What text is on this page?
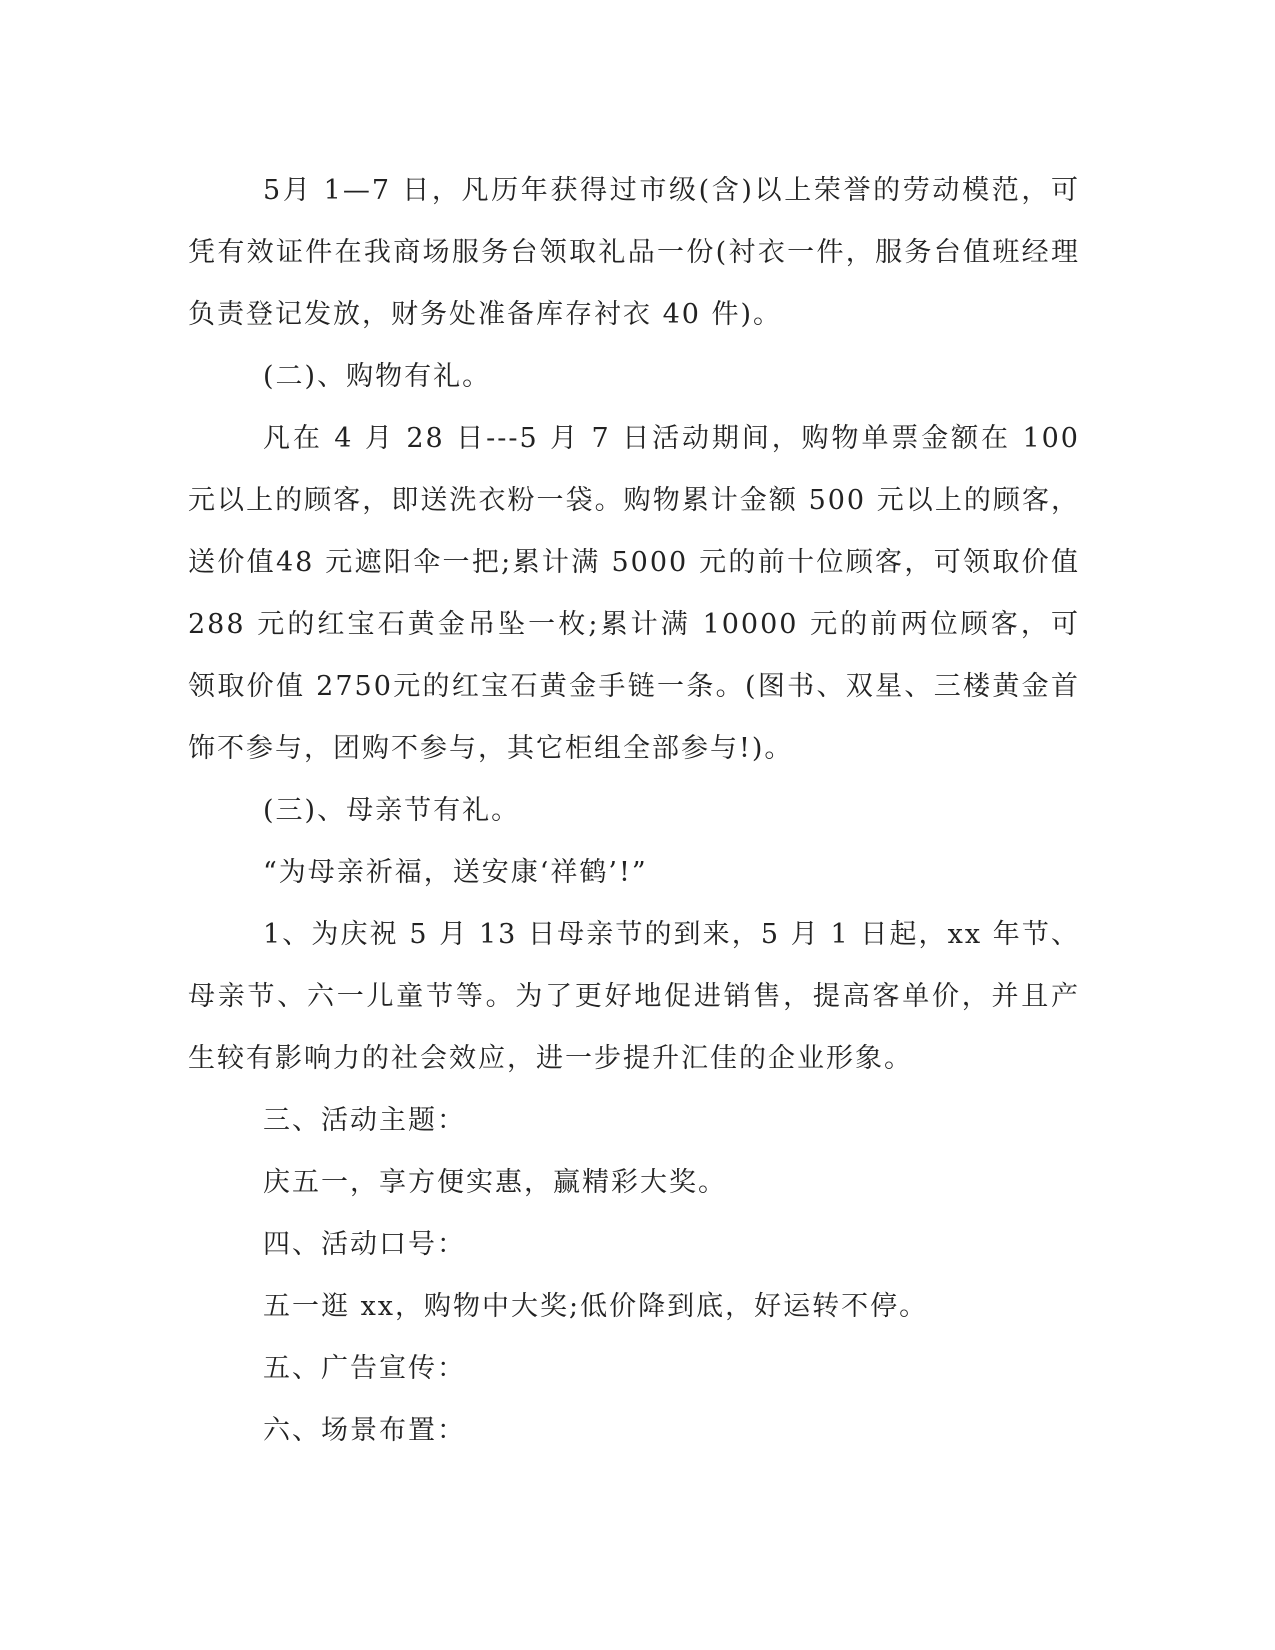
5月 1—7 日，凡历年获得过市级(含)以上荣誉的劳动模范，可凭有效证件在我商场服务台领取礼品一份(衬衣一件，服务台值班经理负责登记发放，财务处准备库存衬衣 40 件)。

(二)、购物有礼。

凡在 4 月 28 日---5 月 7 日活动期间，购物单票金额在 100 元以上的顾客，即送洗衣粉一袋。购物累计金额 500 元以上的顾客，送价值48 元遮阳伞一把;累计满 5000 元的前十位顾客，可领取价值 288 元的红宝石黄金吊坠一枚;累计满 10000 元的前两位顾客，可领取价值 2750元的红宝石黄金手链一条。(图书、双星、三楼黄金首饰不参与，团购不参与，其它柜组全部参与!)。

(三)、母亲节有礼。

“为母亲祈福，送安康‘祥鹤’!”

1、为庆祝 5 月 13 日母亲节的到来，5 月 1 日起，xx 年节、母亲节、六一儿童节等。为了更好地促进销售，提高客单价，并且产生较有影响力的社会效应，进一步提升汇佳的企业形象。

三、活动主题：

庆五一，享方便实惠，赢精彩大奖。

四、活动口号：

五一逛 xx，购物中大奖;低价降到底，好运转不停。

五、广告宣传：

六、场景布置：
